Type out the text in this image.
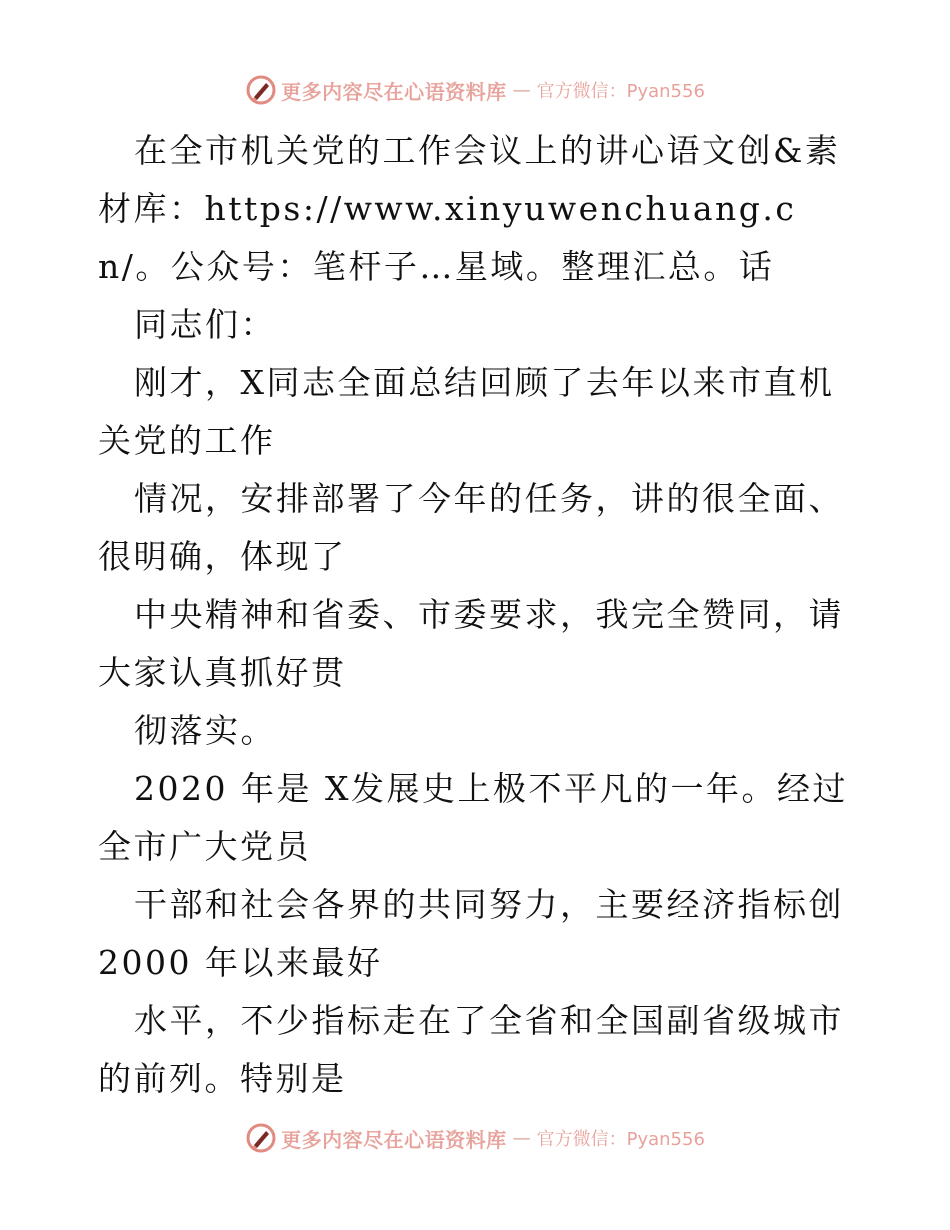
更多内容尽在心语资料库 — 官方微信：Pyan556

在全市机关党的工作会议上的讲心语文创&素材库：https://www.xinyuwenchuang.cn/。公众号：笔杆子…星域。整理汇总。话

同志们：

刚才，X同志全面总结回顾了去年以来市直机关党的工作

情况，安排部署了今年的任务，讲的很全面、很明确，体现了

中央精神和省委、市委要求，我完全赞同，请大家认真抓好贯

彻落实。

2020 年是 X发展史上极不平凡的一年。经过全市广大党员

干部和社会各界的共同努力，主要经济指标创 2000 年以来最好

水平，不少指标走在了全省和全国副省级城市的前列。特别是

更多内容尽在心语资料库 — 官方微信：Pyan556
